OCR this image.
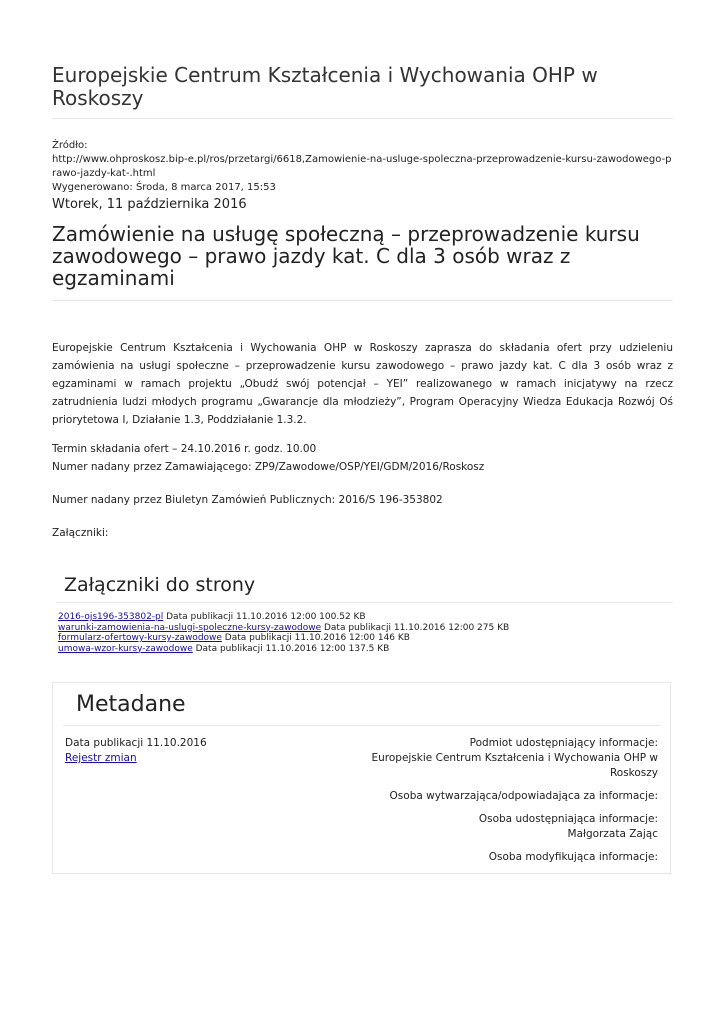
Europejskie Centrum Kształcenia i Wychowania OHP w Roskoszy
Źródło:
http://www.ohproskosz.bip-e.pl/ros/przetargi/6618,Zamowienie-na-usluge-spoleczna-przeprowadzenie-kursu-zawodowego-prawo-jazdy-kat-.html
Wygenerowano: Środa, 8 marca 2017, 15:53
Wtorek, 11 października 2016
Zamówienie na usługę społeczną – przeprowadzenie kursu zawodowego – prawo jazdy kat. C dla 3 osób wraz z egzaminami

Europejskie Centrum Kształcenia i Wychowania OHP w Roskoszy zaprasza do składania ofert przy udzieleniu zamówienia na usługi społeczne – przeprowadzenie kursu zawodowego – prawo jazdy kat. C dla 3 osób wraz z egzaminami w ramach projektu „Obudź swój potencjał – YEI” realizowanego w ramach inicjatywy na rzecz zatrudnienia ludzi młodych programu „Gwarancje dla młodzieży”, Program Operacyjny Wiedza Edukacja Rozwój Oś priorytetowa I, Działanie 1.3, Poddziałanie 1.3.2.

Termin składania ofert – 24.10.2016 r. godz. 10.00

Numer nadany przez Zamawiającego: ZP9/Zawodowe/OSP/YEI/GDM/2016/Roskosz

Numer nadany przez Biuletyn Zamówień Publicznych: 2016/S 196-353802

Załączniki:

Załączniki do strony
2016-ojs196-353802-pl Data publikacji 11.10.2016 12:00 100.52 KB
warunki-zamowienia-na-uslugi-spoleczne-kursy-zawodowe Data publikacji 11.10.2016 12:00 275 KB
formularz-ofertowy-kursy-zawodowe Data publikacji 11.10.2016 12:00 146 KB
umowa-wzor-kursy-zawodowe Data publikacji 11.10.2016 12:00 137.5 KB
Metadane
Data publikacji 11.10.2016
Rejestr zmian
Podmiot udostępniający informacje:
Europejskie Centrum Kształcenia i Wychowania OHP w Roskoszy
Osoba wytwarzająca/odpowiadająca za informacje:
Osoba udostępniająca informacje:
Małgorzata Zając
Osoba modyfikująca informacje:
